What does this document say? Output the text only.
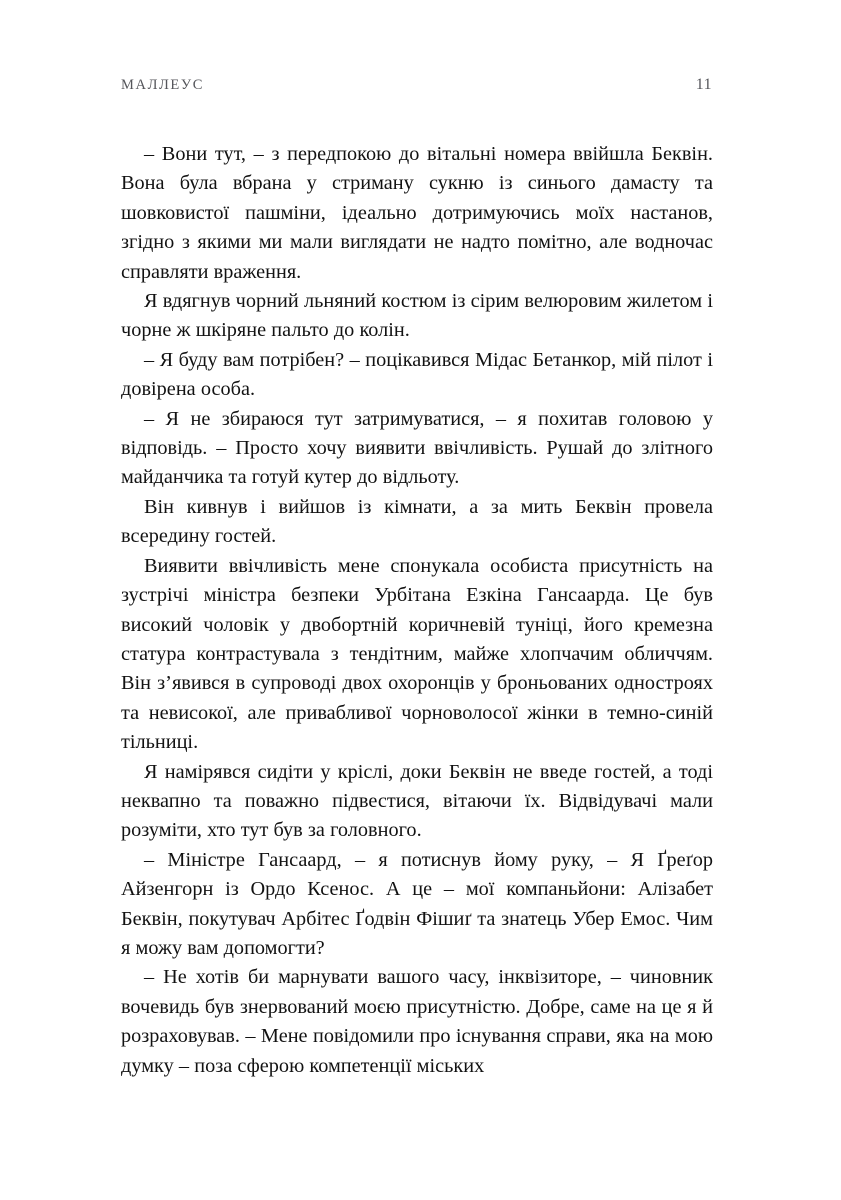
МАЛЛЕУС	11

– Вони тут, – з передпокою до вітальні номера ввійшла Беквін. Вона була вбрана у стриману сукню із синього дамасту та шовковистої пашміни, ідеально дотримуючись моїх настанов, згідно з якими ми мали виглядати не надто помітно, але водночас справляти враження.

Я вдягнув чорний льняний костюм із сірим велюровим жилетом і чорне ж шкіряне пальто до колін.

– Я буду вам потрібен? – поцікавився Мідас Бетанкор, мій пілот і довірена особа.

– Я не збираюся тут затримуватися, – я похитав головою у відповідь. – Просто хочу виявити ввічливість. Рушай до злітного майданчика та готуй кутер до відльоту.

Він кивнув і вийшов із кімнати, а за мить Беквін провела всередину гостей.

Виявити ввічливість мене спонукала особиста присутність на зустрічі міністра безпеки Урбітана Езкіна Гансаарда. Це був високий чоловік у двобортній коричневій туніці, його кремезна статура контрастувала з тендітним, майже хлопчачим обличчям. Він з’явився в супроводі двох охоронців у броньованих одностроях та невисокої, але привабливої чорноволосої жінки в темно-синій тільниці.

Я намірявся сидіти у кріслі, доки Беквін не введе гостей, а тоді неквапно та поважно підвестися, вітаючи їх. Відвідувачі мали розуміти, хто тут був за головного.

– Міністре Гансаард, – я потиснув йому руку, – Я Ґреґор Айзенгорн із Ордо Ксенос. А це – мої компаньйони: Алізабет Беквін, покутувач Арбітес Ґодвін Фішиґ та знатець Убер Емос. Чим я можу вам допомогти?

– Не хотів би марнувати вашого часу, інквізиторе, – чиновник вочевидь був знервований моєю присутністю. Добре, саме на це я й розраховував. – Мене повідомили про існування справи, яка на мою думку – поза сферою компетенції міських
